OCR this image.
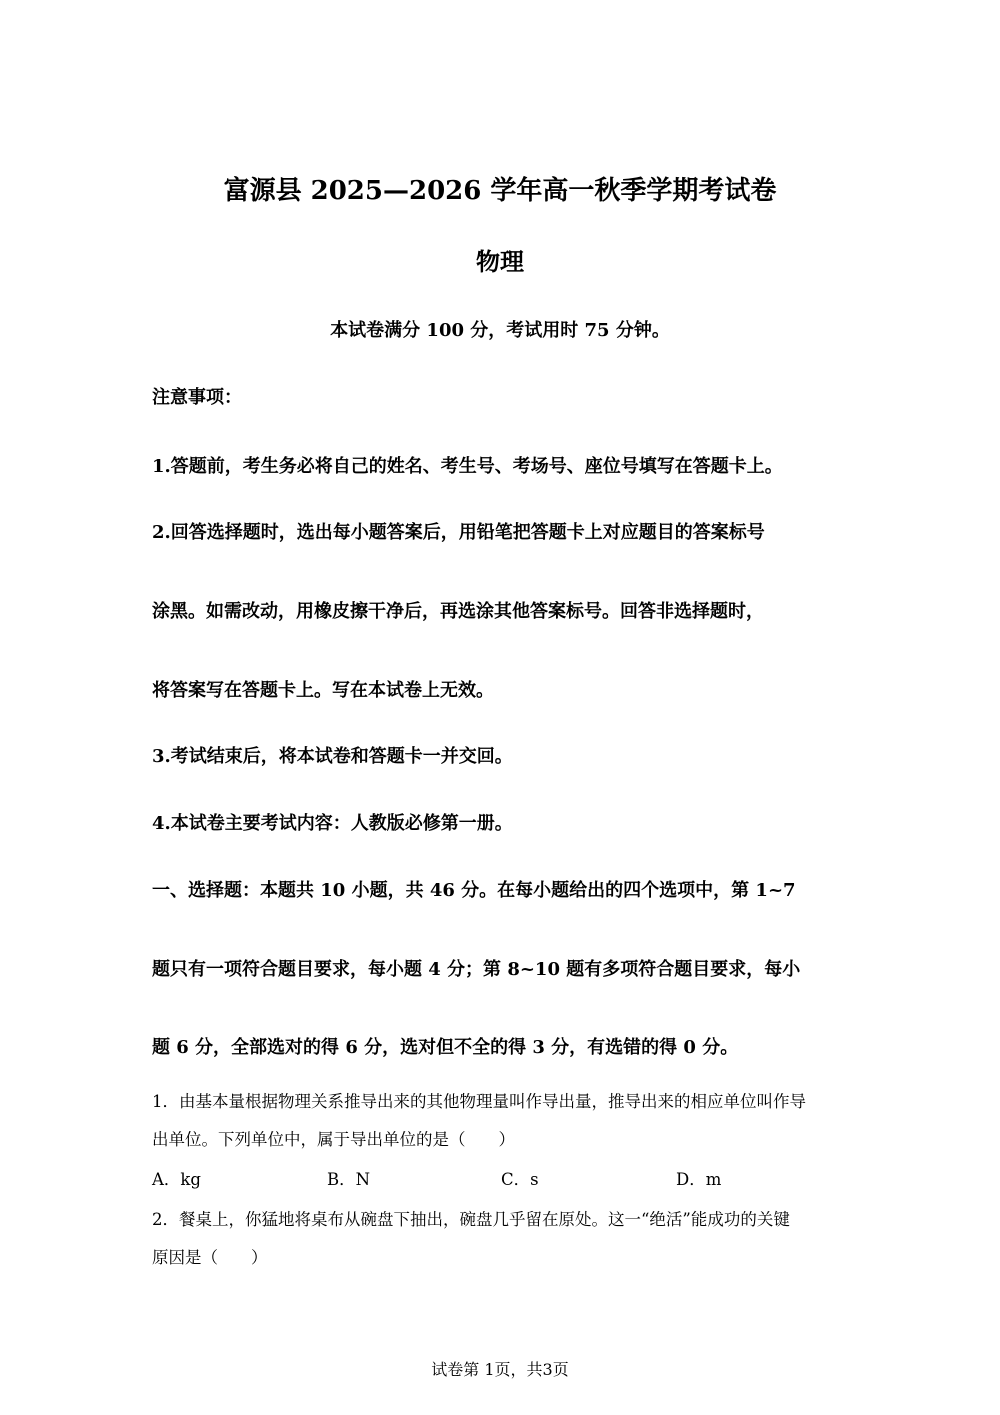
富源县 2025—2026 学年高一秋季学期考试卷
物理
本试卷满分 100 分，考试用时 75 分钟。
注意事项：
1.答题前，考生务必将自己的姓名、考生号、考场号、座位号填写在答题卡上。
2.回答选择题时，选出每小题答案后，用铅笔把答题卡上对应题目的答案标号
涂黑。如需改动，用橡皮擦干净后，再选涂其他答案标号。回答非选择题时，
将答案写在答题卡上。写在本试卷上无效。
3.考试结束后，将本试卷和答题卡一并交回。
4.本试卷主要考试内容：人教版必修第一册。
一、选择题：本题共 10 小题，共 46 分。在每小题给出的四个选项中，第 1~7
题只有一项符合题目要求，每小题 4 分；第 8~10 题有多项符合题目要求，每小
题 6 分，全部选对的得 6 分，选对但不全的得 3 分，有选错的得 0 分。
1．由基本量根据物理关系推导出来的其他物理量叫作导出量，推导出来的相应单位叫作导
出单位。下列单位中，属于导出单位的是（　　）
A．kg	B．N	C．s	D．m
2．餐桌上，你猛地将桌布从碗盘下抽出，碗盘几乎留在原处。这一“绝活”能成功的关键
原因是（　　）
试卷第 1页，共3页
